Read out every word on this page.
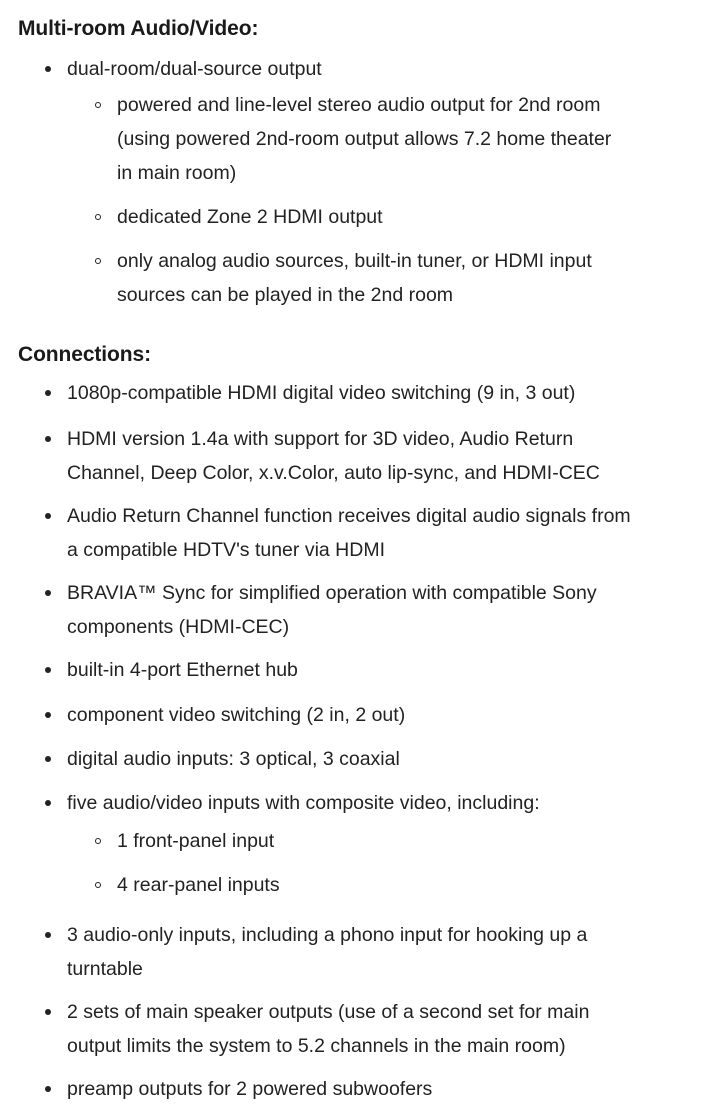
Multi-room Audio/Video:
dual-room/dual-source output
powered and line-level stereo audio output for 2nd room
(using powered 2nd-room output allows 7.2 home theater
in main room)
dedicated Zone 2 HDMI output
only analog audio sources, built-in tuner, or HDMI input
sources can be played in the 2nd room
Connections:
1080p-compatible HDMI digital video switching (9 in, 3 out)
HDMI version 1.4a with support for 3D video, Audio Return
Channel, Deep Color, x.v.Color, auto lip-sync, and HDMI-CEC
Audio Return Channel function receives digital audio signals from
a compatible HDTV's tuner via HDMI
BRAVIA™ Sync for simplified operation with compatible Sony
components (HDMI-CEC)
built-in 4-port Ethernet hub
component video switching (2 in, 2 out)
digital audio inputs: 3 optical, 3 coaxial
five audio/video inputs with composite video, including:
1 front-panel input
4 rear-panel inputs
3 audio-only inputs, including a phono input for hooking up a
turntable
2 sets of main speaker outputs (use of a second set for main
output limits the system to 5.2 channels in the main room)
preamp outputs for 2 powered subwoofers
